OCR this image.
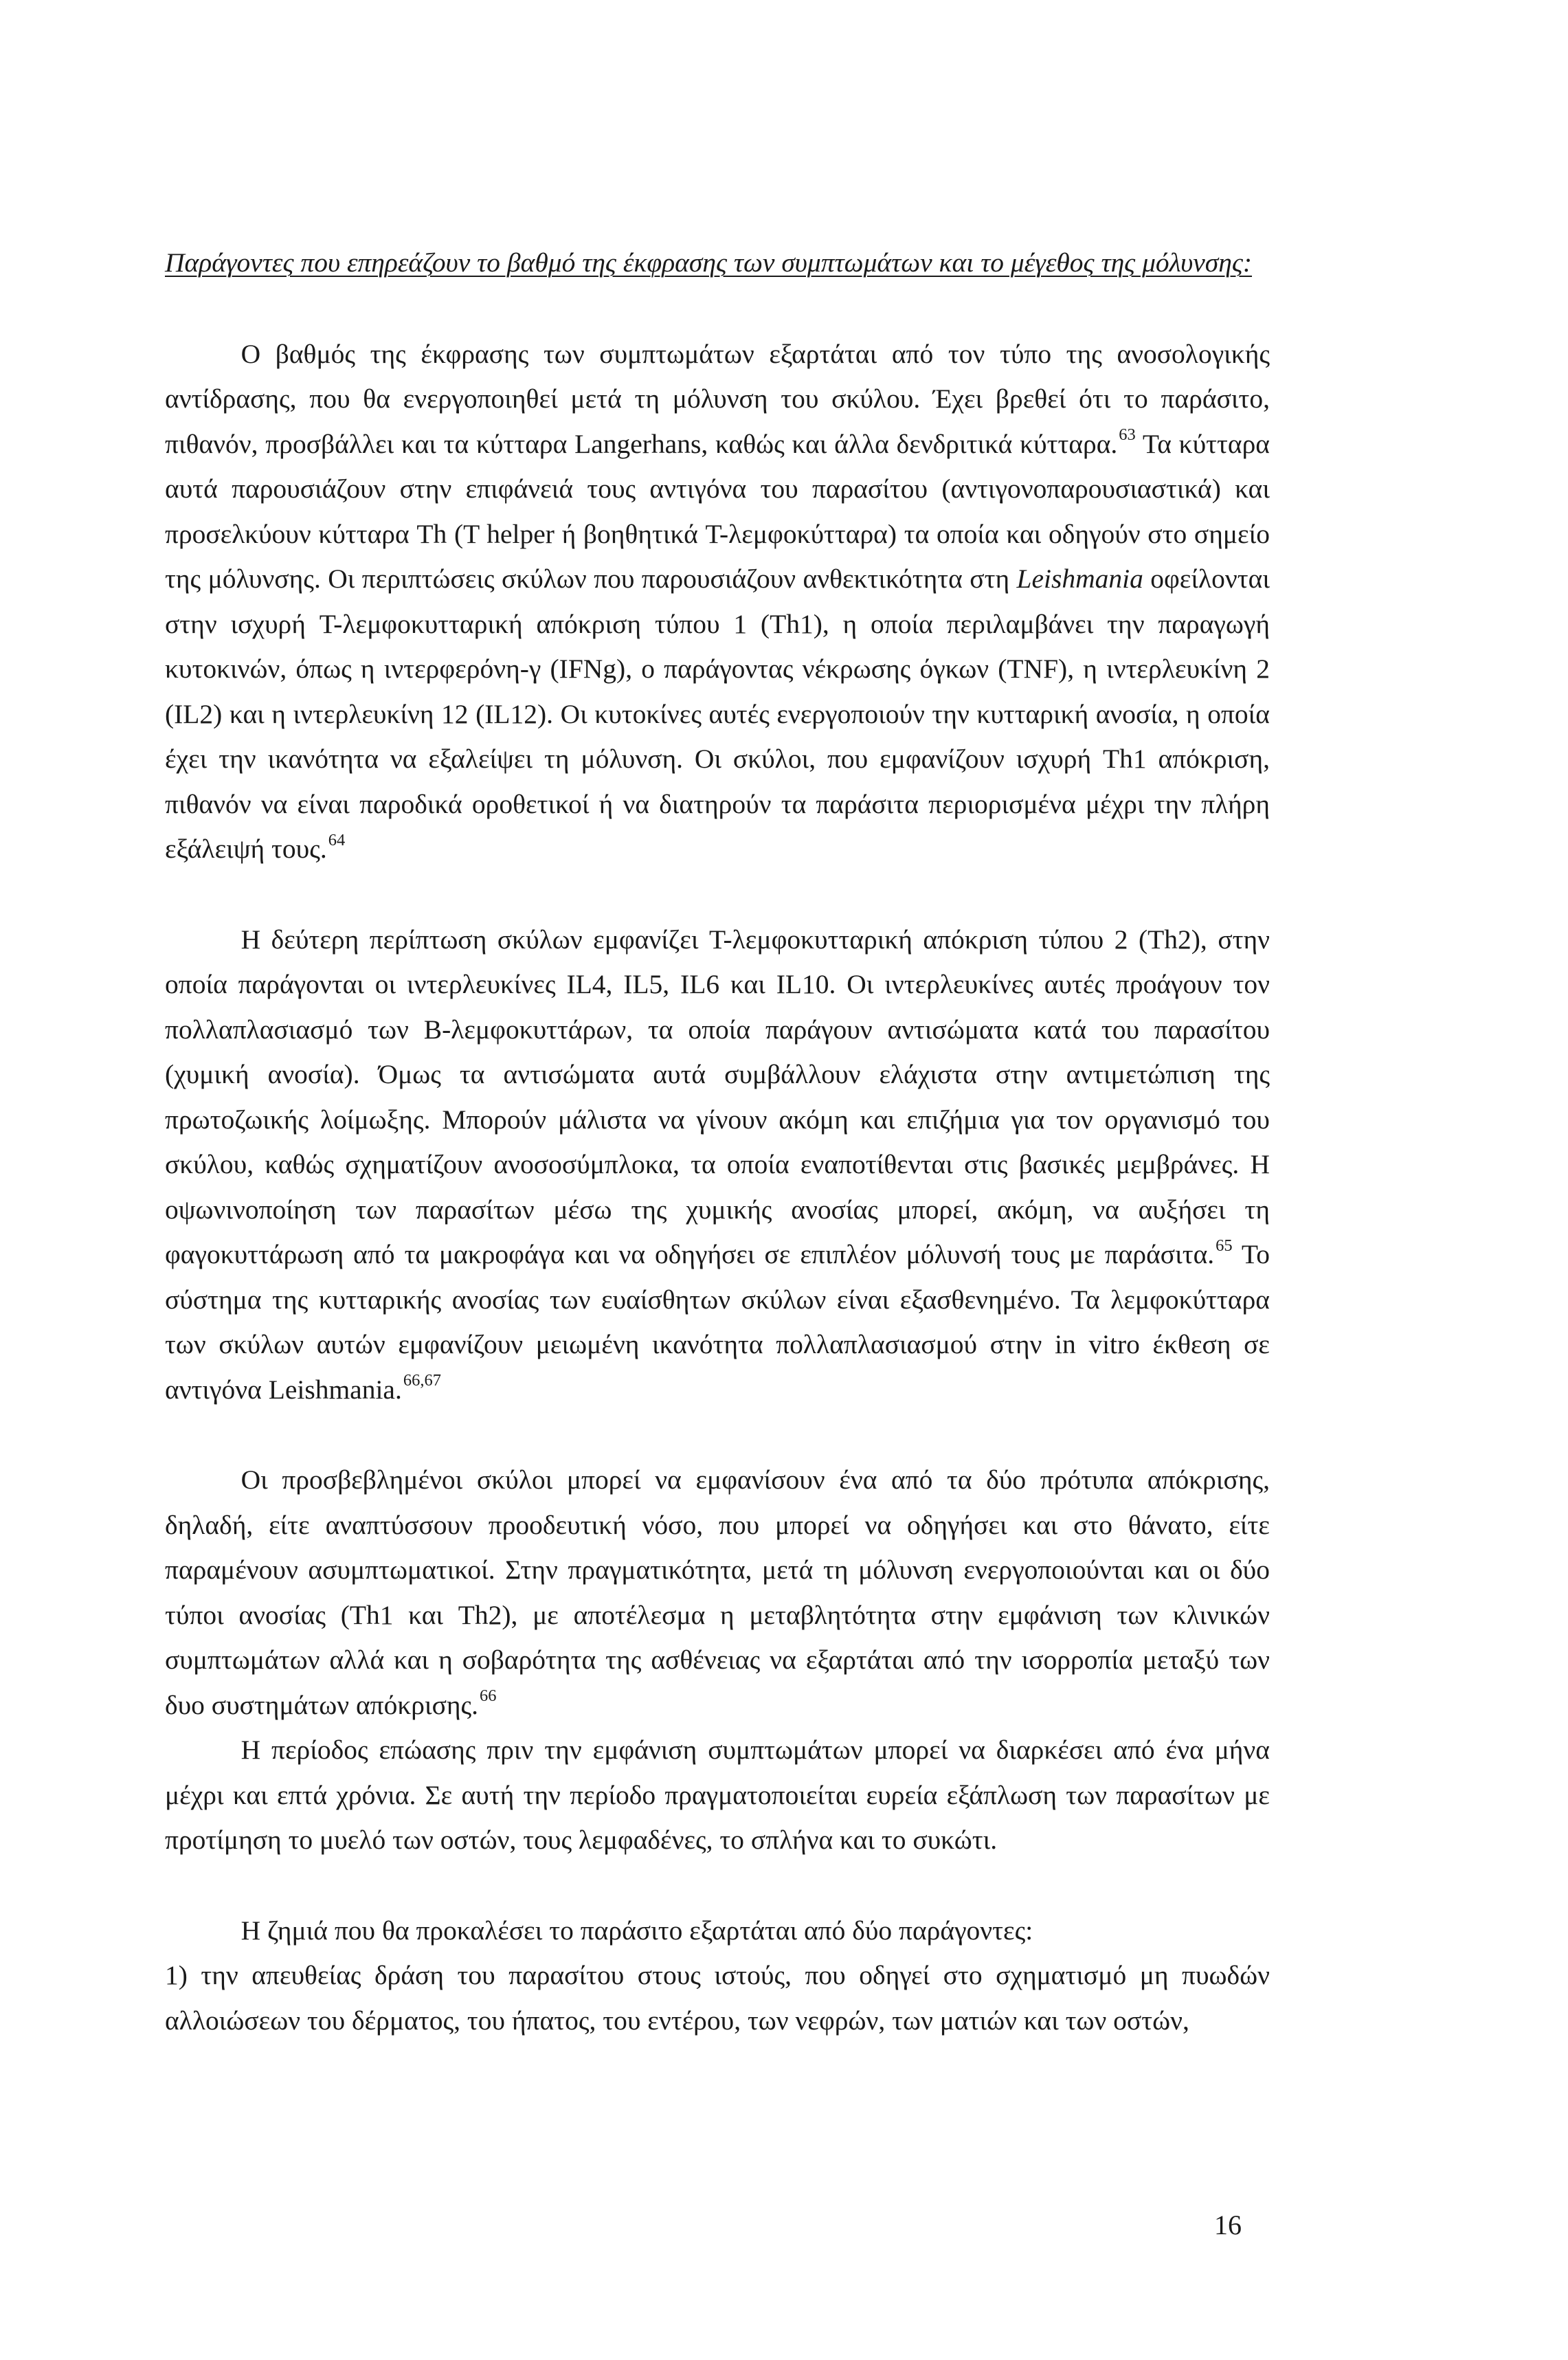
Παράγοντες που επηρεάζουν το βαθμό της έκφρασης των συμπτωμάτων και το μέγεθος της μόλυνσης:

Ο βαθμός της έκφρασης των συμπτωμάτων εξαρτάται από τον τύπο της ανοσολογικής αντίδρασης, που θα ενεργοποιηθεί μετά τη μόλυνση του σκύλου. Έχει βρεθεί ότι το παράσιτο, πιθανόν, προσβάλλει και τα κύτταρα Langerhans, καθώς και άλλα δενδριτικά κύτταρα.$^{63}$ Τα κύτταρα αυτά παρουσιάζουν στην επιφάνειά τους αντιγόνα του παρασίτου (αντιγονοπαρουσιαστικά) και προσελκύουν κύτταρα Th (T helper ή βοηθητικά T-λεμφοκύτταρα) τα οποία και οδηγούν στο σημείο της μόλυνσης. Οι περιπτώσεις σκύλων που παρουσιάζουν ανθεκτικότητα στη Leishmania οφείλονται στην ισχυρή T-λεμφοκυτταρική απόκριση τύπου 1 (Th1), η οποία περιλαμβάνει την παραγωγή κυτοκινών, όπως η ιντερφερόνη-γ (IFNg), ο παράγοντας νέκρωσης όγκων (TNF), η ιντερλευκίνη 2 (IL2) και η ιντερλευκίνη 12 (IL12). Οι κυτοκίνες αυτές ενεργοποιούν την κυτταρική ανοσία, η οποία έχει την ικανότητα να εξαλείψει τη μόλυνση. Οι σκύλοι, που εμφανίζουν ισχυρή Th1 απόκριση, πιθανόν να είναι παροδικά οροθετικοί ή να διατηρούν τα παράσιτα περιορισμένα μέχρι την πλήρη εξάλειψή τους.$^{64}$

Η δεύτερη περίπτωση σκύλων εμφανίζει T-λεμφοκυτταρική απόκριση τύπου 2 (Th2), στην οποία παράγονται οι ιντερλευκίνες IL4, IL5, IL6 και IL10. Οι ιντερλευκίνες αυτές προάγουν τον πολλαπλασιασμό των B-λεμφοκυττάρων, τα οποία παράγουν αντισώματα κατά του παρασίτου (χυμική ανοσία). Όμως τα αντισώματα αυτά συμβάλλουν ελάχιστα στην αντιμετώπιση της πρωτοζωικής λοίμωξης. Μπορούν μάλιστα να γίνουν ακόμη και επιζήμια για τον οργανισμό του σκύλου, καθώς σχηματίζουν ανοσοσύμπλοκα, τα οποία εναποτίθενται στις βασικές μεμβράνες. Η οψωνινοποίηση των παρασίτων μέσω της χυμικής ανοσίας μπορεί, ακόμη, να αυξήσει τη φαγοκυττάρωση από τα μακροφάγα και να οδηγήσει σε επιπλέον μόλυνσή τους με παράσιτα.$^{65}$ Το σύστημα της κυτταρικής ανοσίας των ευαίσθητων σκύλων είναι εξασθενημένο. Τα λεμφοκύτταρα των σκύλων αυτών εμφανίζουν μειωμένη ικανότητα πολλαπλασιασμού στην in vitro έκθεση σε αντιγόνα Leishmania.$^{66,67}$

Οι προσβεβλημένοι σκύλοι μπορεί να εμφανίσουν ένα από τα δύο πρότυπα απόκρισης, δηλαδή, είτε αναπτύσσουν προοδευτική νόσο, που μπορεί να οδηγήσει και στο θάνατο, είτε παραμένουν ασυμπτωματικοί. Στην πραγματικότητα, μετά τη μόλυνση ενεργοποιούνται και οι δύο τύποι ανοσίας (Th1 και Th2), με αποτέλεσμα η μεταβλητότητα στην εμφάνιση των κλινικών συμπτωμάτων αλλά και η σοβαρότητα της ασθένειας να εξαρτάται από την ισορροπία μεταξύ των δυο συστημάτων απόκρισης.$^{66}$

Η περίοδος επώασης πριν την εμφάνιση συμπτωμάτων μπορεί να διαρκέσει από ένα μήνα μέχρι και επτά χρόνια. Σε αυτή την περίοδο πραγματοποιείται ευρεία εξάπλωση των παρασίτων με προτίμηση το μυελό των οστών, τους λεμφαδένες, το σπλήνα και το συκώτι.

Η ζημιά που θα προκαλέσει το παράσιτο εξαρτάται από δύο παράγοντες:

1) την απευθείας δράση του παρασίτου στους ιστούς, που οδηγεί στο σχηματισμό μη πυωδών αλλοιώσεων του δέρματος, του ήπατος, του εντέρου, των νεφρών, των ματιών και των οστών,

16
